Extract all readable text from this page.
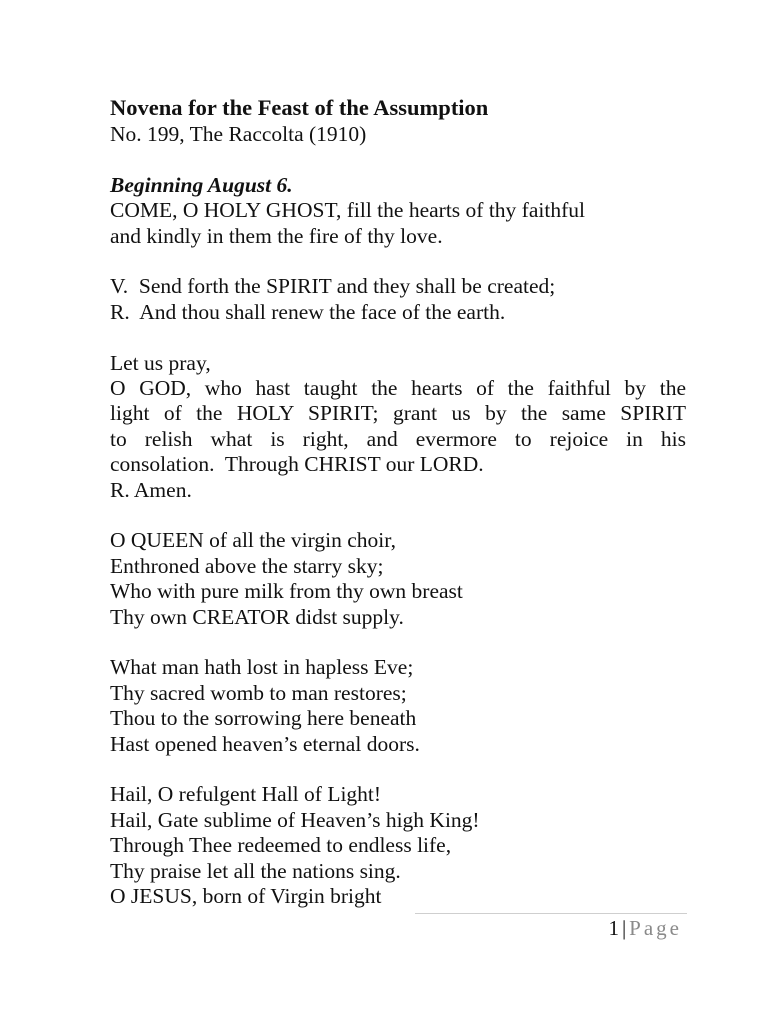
Novena for the Feast of the Assumption

No. 199, The Raccolta (1910)

Beginning August 6.

COME, O HOLY GHOST, fill the hearts of thy faithful
and kindly in them the fire of thy love.
V.  Send forth the SPIRIT and they shall be created;
R.  And thou shall renew the face of the earth.
Let us pray,
O GOD, who hast taught the hearts of the faithful by the
light of the HOLY SPIRIT; grant us by the same SPIRIT
to relish what is right, and evermore to rejoice in his
consolation.  Through CHRIST our LORD.
R. Amen.
O QUEEN of all the virgin choir,
Enthroned above the starry sky;
Who with pure milk from thy own breast
Thy own CREATOR didst supply.
What man hath lost in hapless Eve;
Thy sacred womb to man restores;
Thou to the sorrowing here beneath
Hast opened heaven’s eternal doors.
Hail, O refulgent Hall of Light!
Hail, Gate sublime of Heaven’s high King!
Through Thee redeemed to endless life,
Thy praise let all the nations sing.
O JESUS, born of Virgin bright
1 | Page
